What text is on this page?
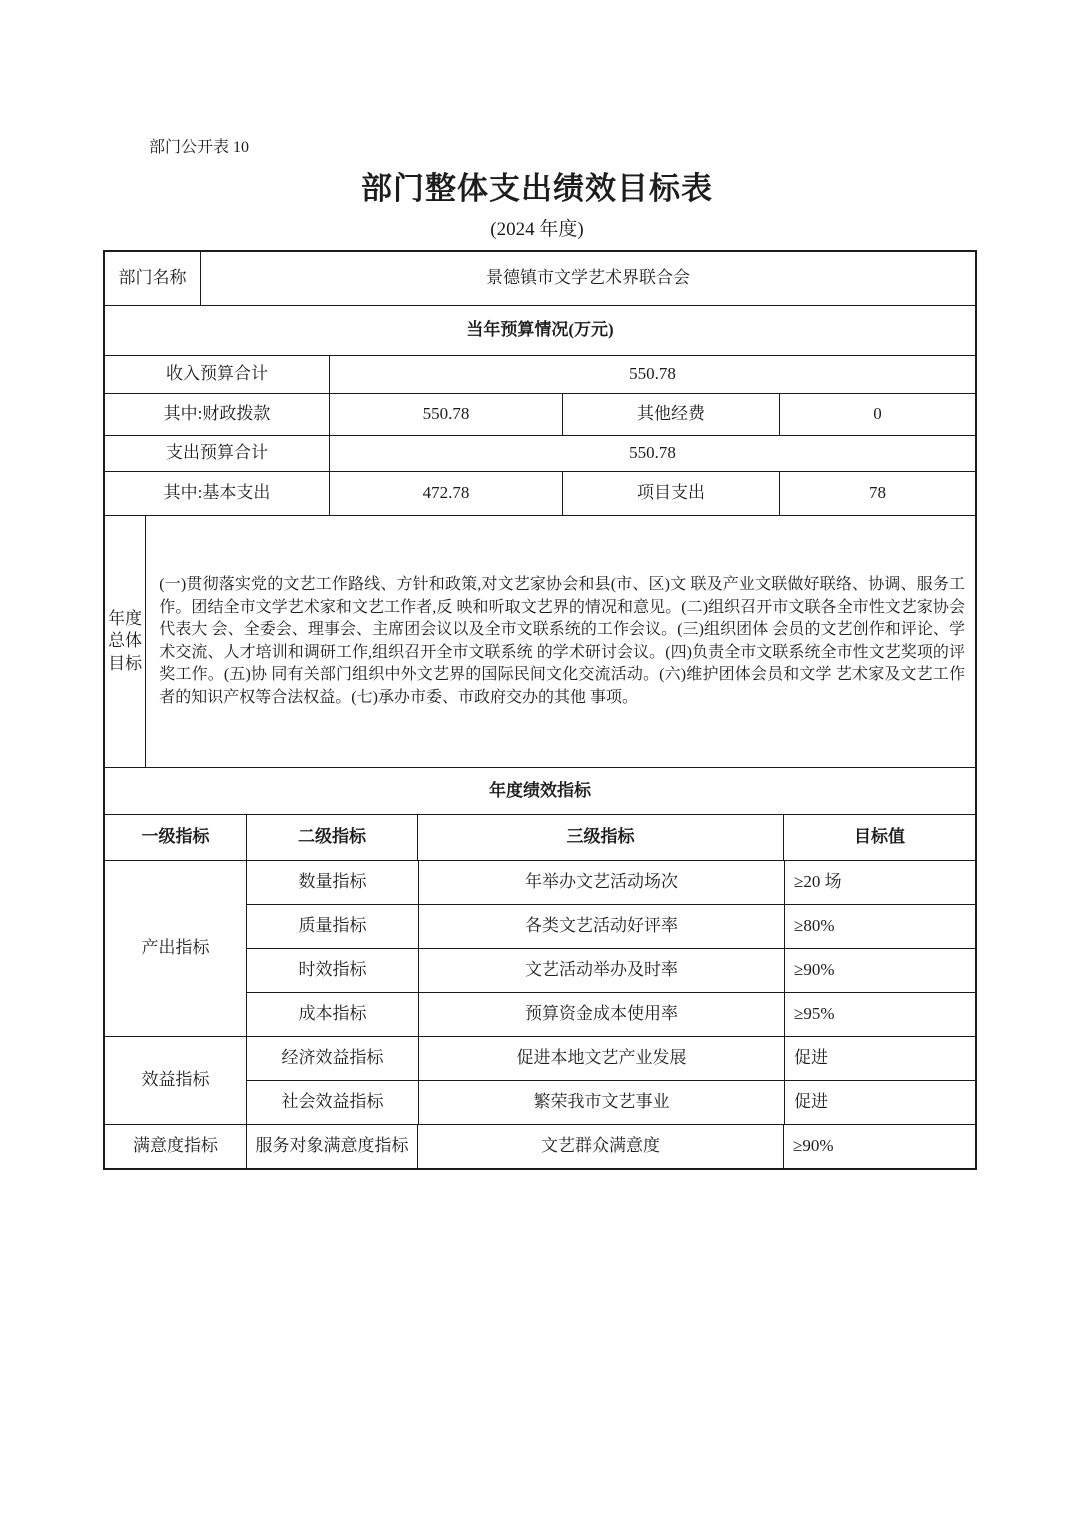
部门公开表 10
部门整体支出绩效目标表
(2024 年度)
部门名称	景德镇市文学艺术界联合会
当年预算情况(万元)
收入预算合计	550.78
其中:财政拨款	550.78	其他经费	0
支出预算合计	550.78
其中:基本支出	472.78	项目支出	78
年度总体目标
(一)贯彻落实党的文艺工作路线、方针和政策,对文艺家协会和县(市、区)文 联及产业文联做好联络、协调、服务工作。团结全市文学艺术家和文艺工作者,反 映和听取文艺界的情况和意见。(二)组织召开市文联各全市性文艺家协会代表大 会、全委会、理事会、主席团会议以及全市文联系统的工作会议。(三)组织团体 会员的文艺创作和评论、学术交流、人才培训和调研工作,组织召开全市文联系统 的学术研讨会议。(四)负责全市文联系统全市性文艺奖项的评奖工作。(五)协 同有关部门组织中外文艺界的国际民间文化交流活动。(六)维护团体会员和文学 艺术家及文艺工作者的知识产权等合法权益。(七)承办市委、市政府交办的其他 事项。
年度绩效指标
一级指标	二级指标	三级指标	目标值
产出指标
数量指标	年举办文艺活动场次	≥20 场
质量指标	各类文艺活动好评率	≥80%
时效指标	文艺活动举办及时率	≥90%
成本指标	预算资金成本使用率	≥95%
效益指标
经济效益指标	促进本地文艺产业发展	促进
社会效益指标	繁荣我市文艺事业	促进
满意度指标	服务对象满意度指标	文艺群众满意度	≥90%
